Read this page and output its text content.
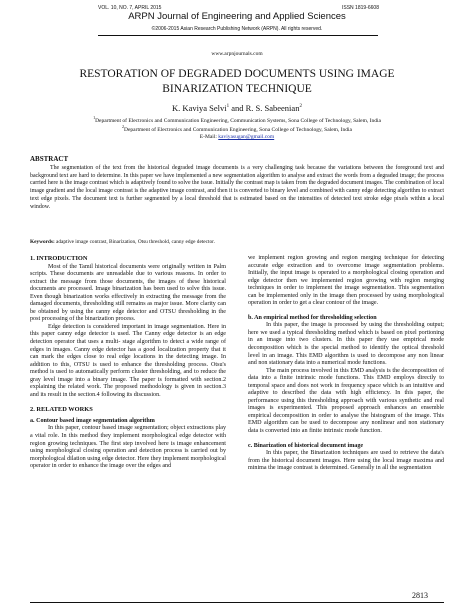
VOL. 10, NO. 7, APRIL 2015	ISSN 1819-6608
ARPN Journal of Engineering and Applied Sciences
©2006-2015 Asian Research Publishing Network (ARPN). All rights reserved.
www.arpnjournals.com
RESTORATION OF DEGRADED DOCUMENTS USING IMAGE
BINARIZATION TECHNIQUE
K. Kaviya Selvi$^1$ and R. S. Sabeenian$^2$
$^1$Department of Electronics and Communication Engineering, Communication Systems, Sona College of Technology, Salem, India
$^2$Department of Electronics and Communication Engineering, Sona College of Technology, Salem, India
E-Mail: kaviyasugan@gmail.com
ABSTRACT
The segmentation of the text from the historical degraded image documents is a very challenging task because the variations between the foreground text and background text are hard to determine. In this paper we have implemented a new segmentation algorithm to analyse and extract the words from a degraded image; the process carried here is the image contrast which is adaptively found to solve the issue. Initially the contrast map is taken from the degraded document images. The combination of local image gradient and the local image contrast is the adaptive image contrast, and then it is converted to binary level and combined with canny edge detecting algorithm to extract text edge pixels. The document text is further segmented by a local threshold that is estimated based on the intensities of detected text stroke edge pixels within a local window.
Keywords: adaptive image contrast, Binarization, Otsu threshold, canny edge detector.
1. INTRODUCTION

Most of the Tamil historical documents were originally written in Palm scripts. These documents are unreadable due to various reasons. In order to extract the message from those documents, the images of these historical documents are processed. Image binarization has been used to solve this issue. Even though binarization works effectively in extracting the message from the damaged documents, thresholding still remains as major issue. More clarity can be obtained by using the canny edge detector and OTSU thresholding in the post processing of the binarization process.

Edge detection is considered important in image segmentation. Here in this paper canny edge detector is used. The Canny edge detector is an edge detection operator that uses a multi- stage algorithm to detect a wide range of edges in images. Canny edge detector has a good localization property that it can mark the edges close to real edge locations in the detecting image. In addition to this, OTSU is used to enhance the thresholding process. Otsu's method is used to automatically perform cluster thresholding, and to reduce the gray level image into a binary image. The paper is formatted with section.2 explaining the related work. The proposed methodology is given in section.3 and its result in the section.4 following its discussion.

2. RELATED WORKS
a. Contour based image segmentation algorithm

In this paper, contour based image segmentation; object extractions play a vital role. In this method they implement morphological edge detector with region growing techniques. The first step involved here is image enhancement using morphological closing operation and detection process is carried out by morphological dilation using edge detector. Here they implement morphological operator in order to enhance the image over the edges and

we implement region growing and region merging technique for detecting accurate edge extraction and to overcome image segmentation problems. Initially, the input image is operated to a morphological closing operation and edge detector then we implemented region growing with region merging techniques in order to implement the image segmentation. This segmentation can be implemented only in the image then processed by using morphological operation in order to get a clear contour of the image.

b. An empirical method for thresholding selection

In this paper, the image is processed by using the thresholding output; here we used a typical thresholding method which is based on pixel portioning in an image into two clusters. In this paper they use empirical mode decomposition which is the special method to identify the optical threshold level in an image. This EMD algorithm is used to decompose any non linear and non stationary data into a numerical mode functions.

The main process involved in this EMD analysis is the decomposition of data into a finite intrinsic mode functions. This EMD employs directly to temporal space and does not work in frequency space which is an intuitive and adaptive to described the data with high efficiency. In this paper, the performance using this thresholding approach with various synthetic and real images is experimented. This proposed approach enhances an ensemble empirical decomposition in order to analyse the histogram of the image. This EMD algorithm can be used to decompose any nonlinear and non stationary data is converted into an finite intrinsic mode function.

c. Binarization of historical document image

In this paper, the Binarization techniques are used to retrieve the data's from the historical document images. Here using the local image maxima and minima the image contrast is determined. Generally in all the segmentation

2813
